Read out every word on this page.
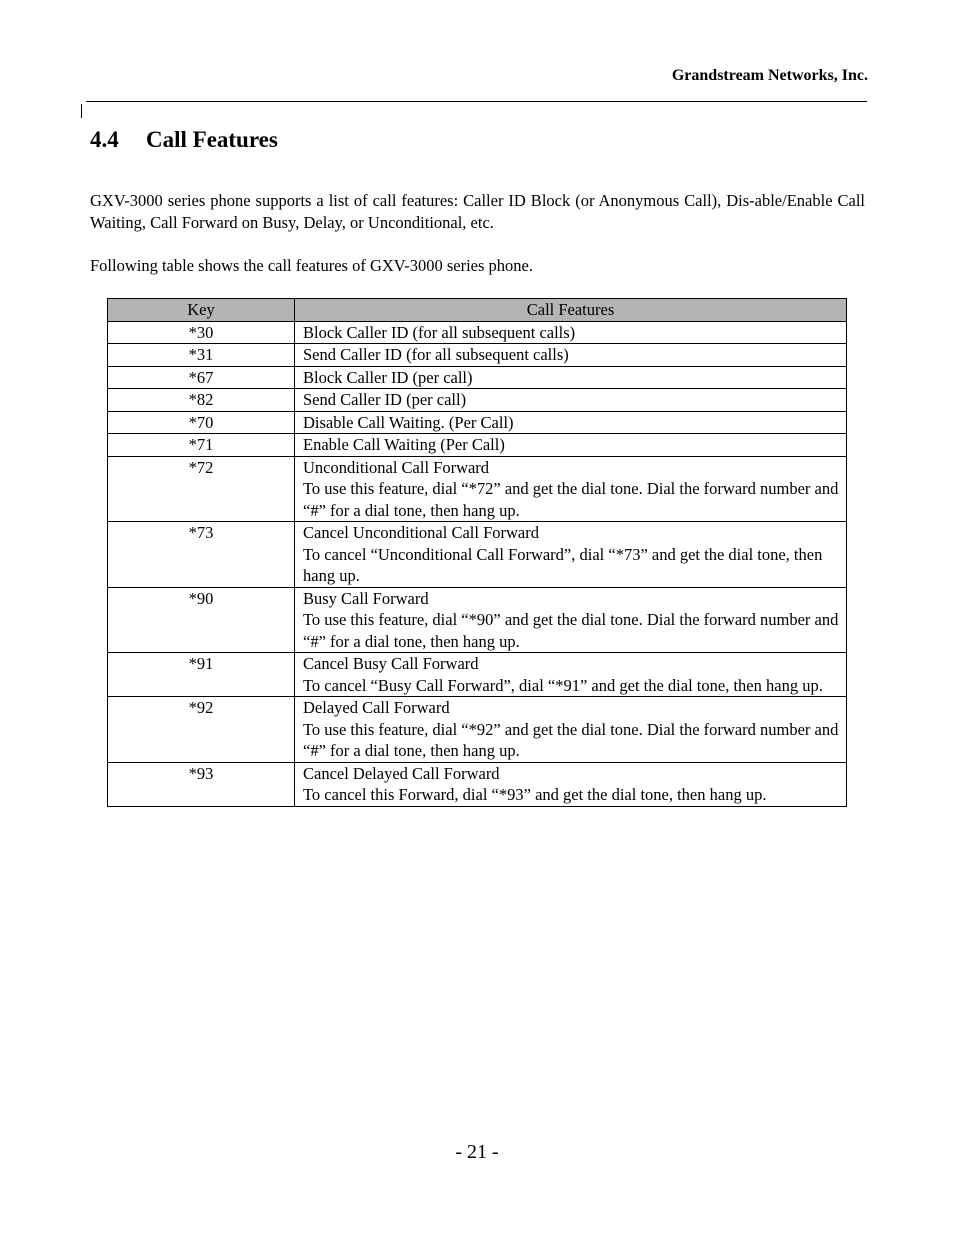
Grandstream Networks, Inc.
4.4 Call Features

GXV-3000 series phone supports a list of call features: Caller ID Block (or Anonymous Call), Dis-able/Enable Call Waiting, Call Forward on Busy, Delay, or Unconditional, etc.

Following table shows the call features of GXV-3000 series phone.

Key	Call Features
*30	Block Caller ID (for all subsequent calls)

*31	Send Caller ID (for all subsequent calls)

*67	Block Caller ID (per call)

*82	Send Caller ID (per call)

*70	Disable Call Waiting. (Per Call)

*71	Enable Call Waiting (Per Call)

*72	Unconditional Call Forward
To use this feature, dial “*72” and get the dial tone. Dial the forward number and “#” for a dial tone, then hang up.

*73	Cancel Unconditional Call Forward
To cancel “Unconditional Call Forward”, dial “*73” and get the dial tone, then hang up.

*90	Busy Call Forward
To use this feature, dial “*90” and get the dial tone. Dial the forward number and “#” for a dial tone, then hang up.

*91	Cancel Busy Call Forward
To cancel “Busy Call Forward”, dial “*91” and get the dial tone, then hang up.

*92	Delayed Call Forward
To use this feature, dial “*92” and get the dial tone. Dial the forward number and “#” for a dial tone, then hang up.

*93	Cancel Delayed Call Forward
To cancel this Forward, dial “*93” and get the dial tone, then hang up.
- 21 -
